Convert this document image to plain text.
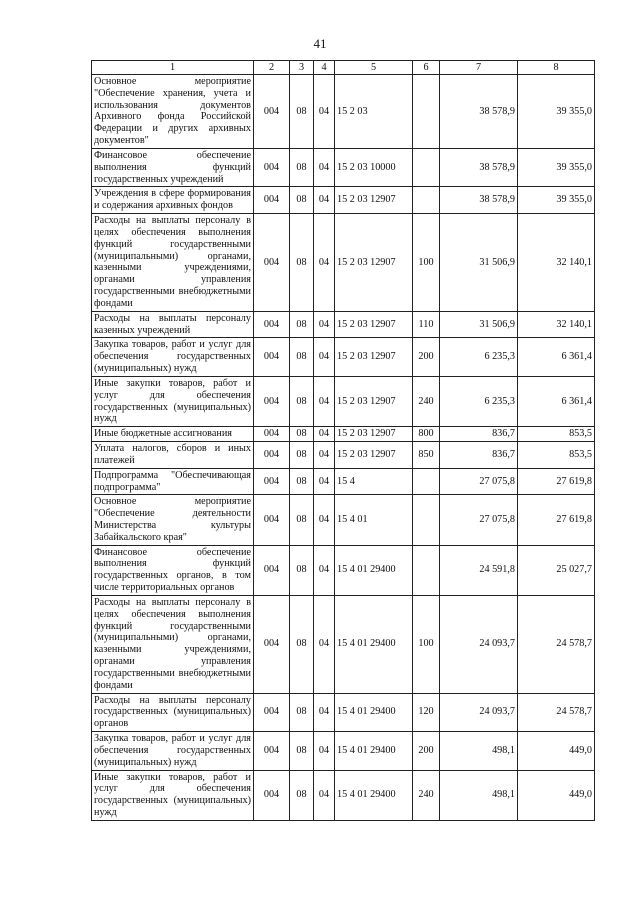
41
1	2	3	4	5	6	7	8
Основное мероприятие "Обеспечение хранения, учета и использования документов Архивного фонда Российской Федерации и других архивных документов"	004	08	04	15 2 03		38 578,9	39 355,0
Финансовое обеспечение выполнения функций государственных учреждений	004	08	04	15 2 03 10000		38 578,9	39 355,0
Учреждения в сфере формирования и содержания архивных фондов	004	08	04	15 2 03 12907		38 578,9	39 355,0
Расходы на выплаты персоналу в целях обеспечения выполнения функций государственными (муниципальными) органами, казенными учреждениями, органами управления государственными внебюджетными фондами	004	08	04	15 2 03 12907	100	31 506,9	32 140,1
Расходы на выплаты персоналу казенных учреждений	004	08	04	15 2 03 12907	110	31 506,9	32 140,1
Закупка товаров, работ и услуг для обеспечения государственных (муниципальных) нужд	004	08	04	15 2 03 12907	200	6 235,3	6 361,4
Иные закупки товаров, работ и услуг для обеспечения государственных (муниципальных) нужд	004	08	04	15 2 03 12907	240	6 235,3	6 361,4
Иные бюджетные ассигнования	004	08	04	15 2 03 12907	800	836,7	853,5
Уплата налогов, сборов и иных платежей	004	08	04	15 2 03 12907	850	836,7	853,5
Подпрограмма "Обеспечивающая подпрограмма"	004	08	04	15 4		27 075,8	27 619,8
Основное мероприятие "Обеспечение деятельности Министерства культуры Забайкальского края"	004	08	04	15 4 01		27 075,8	27 619,8
Финансовое обеспечение выполнения функций государственных органов, в том числе территориальных органов	004	08	04	15 4 01 29400		24 591,8	25 027,7
Расходы на выплаты персоналу в целях обеспечения выполнения функций государственными (муниципальными) органами, казенными учреждениями, органами управления государственными внебюджетными фондами	004	08	04	15 4 01 29400	100	24 093,7	24 578,7
Расходы на выплаты персоналу государственных (муниципальных) органов	004	08	04	15 4 01 29400	120	24 093,7	24 578,7
Закупка товаров, работ и услуг для обеспечения государственных (муниципальных) нужд	004	08	04	15 4 01 29400	200	498,1	449,0
Иные закупки товаров, работ и услуг для обеспечения государственных (муниципальных) нужд	004	08	04	15 4 01 29400	240	498,1	449,0
